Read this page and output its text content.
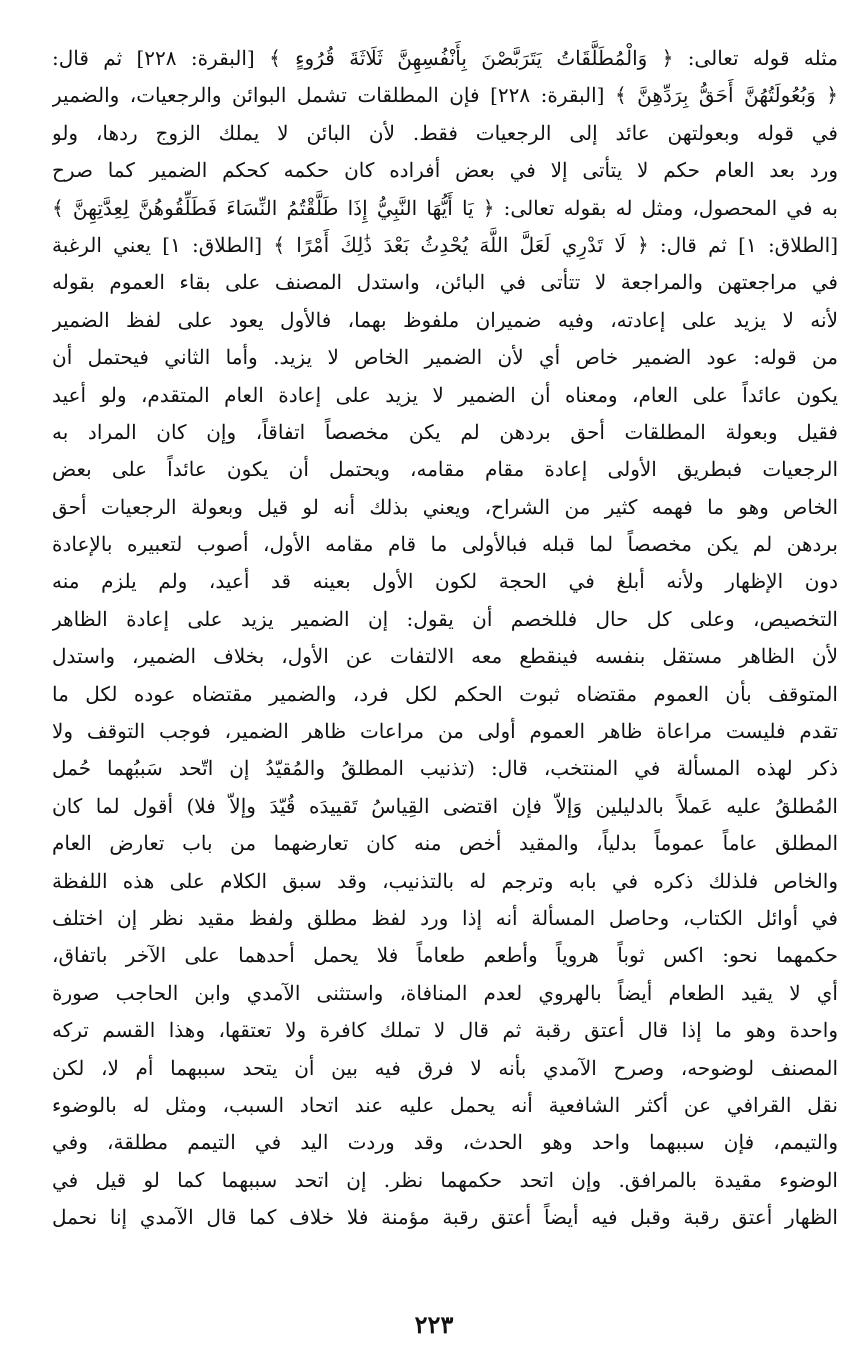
مثله قوله تعالى: ﴿ وَالْمُطَلَّقَاتُ يَتَرَبَّصْنَ بِأَنْفُسِهِنَّ ثَلَاثَةَ قُرُوءٍ ﴾ [البقرة: ٢٢٨] ثم قال:
﴿ وَبُعُولَتُهُنَّ أَحَقُّ بِرَدِّهِنَّ ﴾ [البقرة: ٢٢٨] فإن المطلقات تشمل البوائن والرجعيات، والضمير
في قوله وبعولتهن عائد إلى الرجعيات فقط. لأن البائن لا يملك الزوج ردها، ولو
ورد بعد العام حكم لا يتأتى إلا في بعض أفراده كان حكمه كحكم الضمير كما صرح
به في المحصول، ومثل له بقوله تعالى: ﴿ يَا أَيُّهَا النَّبِيُّ إِذَا طَلَّقْتُمُ النِّسَاءَ فَطَلِّقُوهُنَّ لِعِدَّتِهِنَّ ﴾
[الطلاق: ١] ثم قال: ﴿ لَا تَدْرِي لَعَلَّ اللَّهَ يُحْدِثُ بَعْدَ ذَٰلِكَ أَمْرًا ﴾ [الطلاق: ١] يعني الرغبة
في مراجعتهن والمراجعة لا تتأتى في البائن، واستدل المصنف على بقاء العموم بقوله
لأنه لا يزيد على إعادته، وفيه ضميران ملفوظ بهما، فالأول يعود على لفظ الضمير
من قوله: عود الضمير خاص أي لأن الضمير الخاص لا يزيد. وأما الثاني فيحتمل أن
يكون عائداً على العام، ومعناه أن الضمير لا يزيد على إعادة العام المتقدم، ولو أعيد
فقيل وبعولة المطلقات أحق بردهن لم يكن مخصصاً اتفاقاً، وإن كان المراد به
الرجعيات فبطريق الأولى إعادة مقام مقامه، ويحتمل أن يكون عائداً على بعض
الخاص وهو ما فهمه كثير من الشراح، ويعني بذلك أنه لو قيل وبعولة الرجعيات أحق
بردهن لم يكن مخصصاً لما قبله فبالأولى ما قام مقامه الأول، أصوب لتعبيره بالإعادة
دون الإظهار ولأنه أبلغ في الحجة لكون الأول بعينه قد أعيد، ولم يلزم منه
التخصيص، وعلى كل حال فللخصم أن يقول: إن الضمير يزيد على إعادة الظاهر
لأن الظاهر مستقل بنفسه فينقطع معه الالتفات عن الأول، بخلاف الضمير، واستدل
المتوقف بأن العموم مقتضاه ثبوت الحكم لكل فرد، والضمير مقتضاه عوده لكل ما
تقدم فليست مراعاة ظاهر العموم أولى من مراعات ظاهر الضمير، فوجب التوقف ولا
ذكر لهذه المسألة في المنتخب، قال: (تذنيب المطلقُ والمُقيّدُ إن اتّحد سَببُهما حُمل
المُطلقُ عليه عَملاً بالدليلين وَإلاّ فإن اقتضى القِياسُ تَقييدَه قُيّدَ وإلاّ فلا) أقول لما كان
المطلق عاماً عموماً بدلياً، والمقيد أخص منه كان تعارضهما من باب تعارض العام
والخاص فلذلك ذكره في بابه وترجم له بالتذنيب، وقد سبق الكلام على هذه اللفظة
في أوائل الكتاب، وحاصل المسألة أنه إذا ورد لفظ مطلق ولفظ مقيد نظر إن اختلف
حكمهما نحو: اكس ثوباً هروياً وأطعم طعاماً فلا يحمل أحدهما على الآخر باتفاق،
أي لا يقيد الطعام أيضاً بالهروي لعدم المنافاة، واستثنى الآمدي وابن الحاجب صورة
واحدة وهو ما إذا قال أعتق رقبة ثم قال لا تملك كافرة ولا تعتقها، وهذا القسم تركه
المصنف لوضوحه، وصرح الآمدي بأنه لا فرق فيه بين أن يتحد سببهما أم لا، لكن
نقل القرافي عن أكثر الشافعية أنه يحمل عليه عند اتحاد السبب، ومثل له بالوضوء
والتيمم، فإن سببهما واحد وهو الحدث، وقد وردت اليد في التيمم مطلقة، وفي
الوضوء مقيدة بالمرافق. وإن اتحد حكمهما نظر. إن اتحد سببهما كما لو قيل في
الظهار أعتق رقبة وقبل فيه أيضاً أعتق رقبة مؤمنة فلا خلاف كما قال الآمدي إنا نحمل
٢٢٣
